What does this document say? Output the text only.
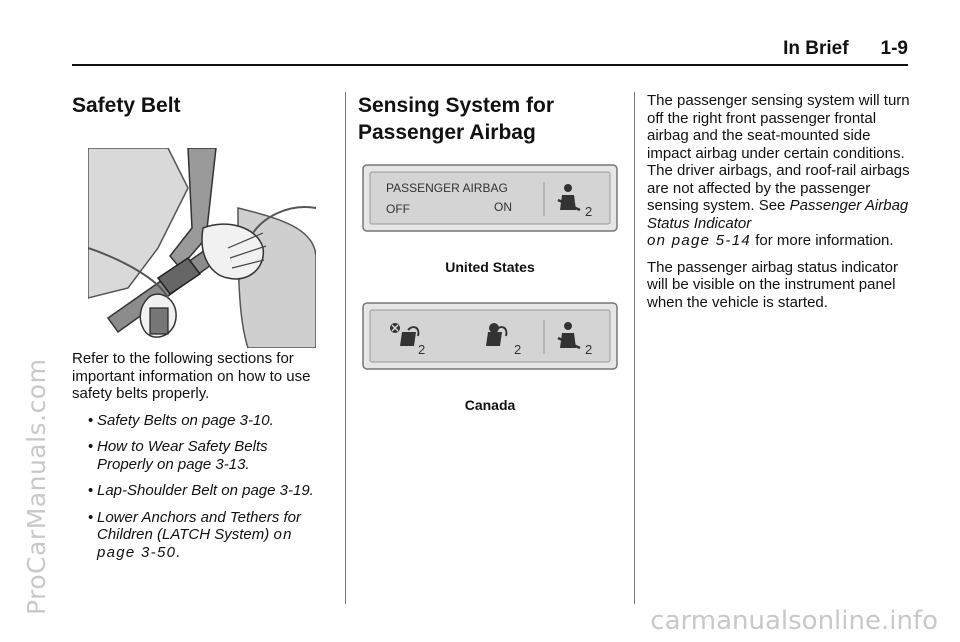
ProCarManuals.com
carmanualsonline.info
In Brief 1-9
Safety Belt

Refer to the following sections for important information on how to use safety belts properly.

• Safety Belts on page 3-10.
• How to Wear Safety Belts
Properly on page 3-13.
• Lap-Shoulder Belt on page 3-19.
• Lower Anchors and Tethers for
Children (LATCH System) on
page 3-50.
Sensing System for
Passenger Airbag
PASSENGER AIRBAG
OFF	ON	2
United States
2	2	2
Canada

The passenger sensing system will turn off the right front passenger frontal airbag and the seat-mounted side impact airbag under certain conditions. The driver airbags, and roof-rail airbags are not affected by the passenger sensing system. See Passenger Airbag Status Indicator
on page 5-14 for more information.

The passenger airbag status indicator will be visible on the instrument panel when the vehicle is started.
